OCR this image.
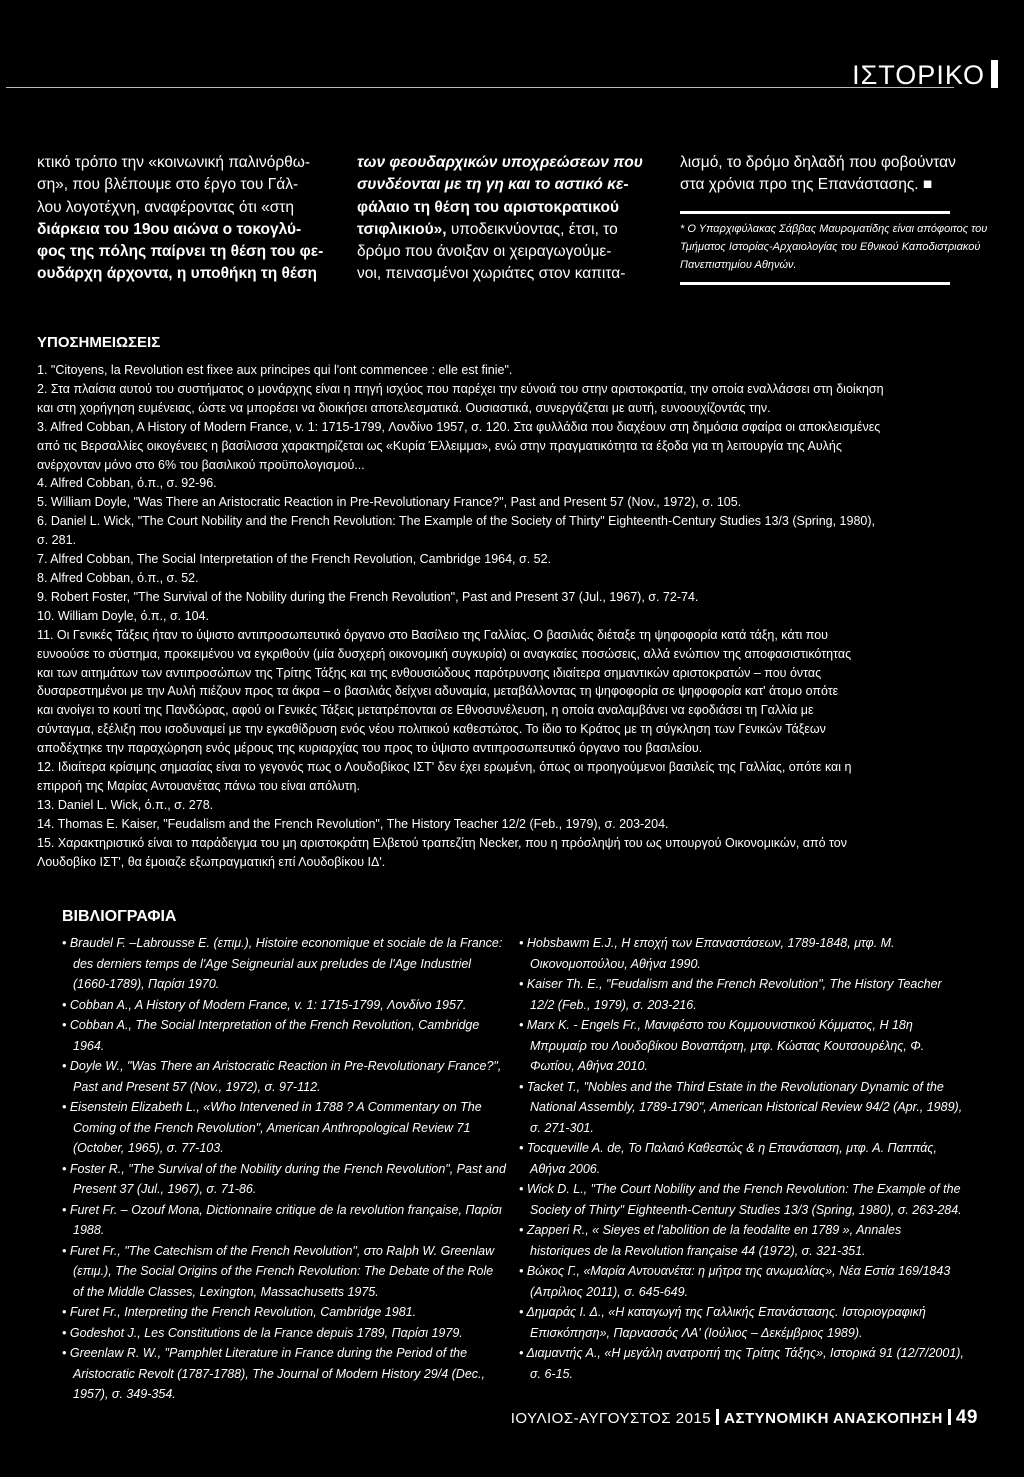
ΙΣΤΟΡΙΚΟ

κτικό τρόπο την «κοινωνική παλινόρθω-

ση», που βλέπουμε στο έργο του Γάλ-

λου λογοτέχνη, αναφέροντας ότι «στη

διάρκεια του 19ου αιώνα ο τοκογλύ-

φος της πόλης παίρνει τη θέση του φε-

ουδάρχη άρχοντα, η υποθήκη τη θέση

των φεουδαρχικών υποχρεώσεων που

συνδέονται με τη γη και το αστικό κε-

φάλαιο τη θέση του αριστοκρατικού

τσιφλικιού», υποδεικνύοντας, έτσι, το

δρόμο που άνοιξαν οι χειραγωγούμε-

νοι, πεινασμένοι χωριάτες στον καπιτα-

λισμό, το δρόμο δηλαδή που φοβούνταν

στα χρόνια προ της Επανάστασης. ■

* Ο Υπαρχιφύλακας Σάββας Μαυροματίδης είναι απόφοιτος του Τμήματος Ιστορίας-Αρχαιολογίας του Εθνικού Καποδιστριακού Πανεπιστημίου Αθηνών.
ΥΠΟΣΗΜΕΙΩΣΕΙΣ
1. "Citoyens, la Revolution est fixee aux principes qui l'ont commencee : elle est finie".
2. Στα πλαίσια αυτού του συστήματος ο μονάρχης είναι η πηγή ισχύος που παρέχει την εύνοιά του στην αριστοκρατία, την οποία εναλλάσσει στη διοίκηση
και στη χορήγηση ευμένειας, ώστε να μπορέσει να διοικήσει αποτελεσματικά. Ουσιαστικά, συνεργάζεται με αυτή, ευνοουχίζοντάς την.
3. Alfred Cobban, A History of Modern France, v. 1: 1715-1799, Λονδίνο 1957, σ. 120. Στα φυλλάδια που διαχέουν στη δημόσια σφαίρα οι αποκλεισμένες
από τις Βερσαλλίες οικογένειες η βασίλισσα χαρακτηρίζεται ως «Κυρία Έλλειμμα», ενώ στην πραγματικότητα τα έξοδα για τη λειτουργία της Αυλής
ανέρχονταν μόνο στο 6% του βασιλικού προϋπολογισμού...
4. Alfred Cobban, ό.π., σ. 92-96.
5. William Doyle, "Was There an Aristocratic Reaction in Pre-Revolutionary France?", Past and Present 57 (Nov., 1972), σ. 105.
6. Daniel L. Wick, "The Court Nobility and the French Revolution: The Example of the Society of Thirty" Eighteenth-Century Studies 13/3 (Spring, 1980),
σ. 281.
7. Alfred Cobban, The Social Interpretation of the French Revolution, Cambridge 1964, σ. 52.
8. Alfred Cobban, ό.π., σ. 52.
9. Robert Foster, "The Survival of the Nobility during the French Revolution", Past and Present 37 (Jul., 1967), σ. 72-74.
10. William Doyle, ό.π., σ. 104.
11. Οι Γενικές Τάξεις ήταν το ύψιστο αντιπροσωπευτικό όργανο στο Βασίλειο της Γαλλίας. Ο βασιλιάς διέταξε τη ψηφοφορία κατά τάξη, κάτι που
ευνοούσε το σύστημα, προκειμένου να εγκριθούν (μία δυσχερή οικονομική συγκυρία) οι αναγκαίες ποσώσεις, αλλά ενώπιον της αποφασιστικότητας
και των αιτημάτων των αντιπροσώπων της Τρίτης Τάξης και της ενθουσιώδους παρότρυνσης ιδιαίτερα σημαντικών αριστοκρατών – που όντας
δυσαρεστημένοι με την Αυλή πιέζουν προς τα άκρα – ο βασιλιάς δείχνει αδυναμία, μεταβάλλοντας τη ψηφοφορία σε ψηφοφορία κατ' άτομο οπότε
και ανοίγει το κουτί της Πανδώρας, αφού οι Γενικές Τάξεις μετατρέπονται σε Εθνοσυνέλευση, η οποία αναλαμβάνει να εφοδιάσει τη Γαλλία με
σύνταγμα, εξέλιξη που ισοδυναμεί με την εγκαθίδρυση ενός νέου πολιτικού καθεστώτος. Το ίδιο το Κράτος με τη σύγκληση των Γενικών Τάξεων
αποδέχτηκε την παραχώρηση ενός μέρους της κυριαρχίας του προς το ύψιστο αντιπροσωπευτικό όργανο του βασιλείου.
12. Ιδιαίτερα κρίσιμης σημασίας είναι το γεγονός πως ο Λουδοβίκος ΙΣΤ' δεν έχει ερωμένη, όπως οι προηγούμενοι βασιλείς της Γαλλίας, οπότε και η
επιρροή της Μαρίας Αντουανέτας πάνω του είναι απόλυτη.
13. Daniel L. Wick, ό.π., σ. 278.
14. Thomas E. Kaiser, "Feudalism and the French Revolution", The History Teacher 12/2 (Feb., 1979), σ. 203-204.
15. Χαρακτηριστικό είναι το παράδειγμα του μη αριστοκράτη Ελβετού τραπεζίτη Necker, που η πρόσληψή του ως υπουργού Οικονομικών, από τον
Λουδοβίκο ΙΣΤ', θα έμοιαζε εξωπραγματική επί Λουδοβίκου ΙΔ'.
ΒΙΒΛΙΟΓΡΑΦΙΑ
• Braudel F. –Labrousse E. (επιμ.), Histoire economique et sociale de la France: des derniers temps de l'Age Seigneurial aux preludes de l'Age Industriel (1660-1789), Παρίσι 1970.
• Cobban A., A History of Modern France, v. 1: 1715-1799, Λονδίνο 1957.
• Cobban A., The Social Interpretation of the French Revolution, Cambridge 1964.
• Doyle W., "Was There an Aristocratic Reaction in Pre-Revolutionary France?", Past and Present 57 (Nov., 1972), σ. 97-112.
• Eisenstein Elizabeth L., «Who Intervened in 1788 ? A Commentary on The Coming of the French Revolution", American Anthropological Review 71 (October, 1965), σ. 77-103.
• Foster R., "The Survival of the Nobility during the French Revolution", Past and Present 37 (Jul., 1967), σ. 71-86.
• Furet Fr. – Ozouf Mona, Dictionnaire critique de la revolution française, Παρίσι 1988.
• Furet Fr., "The Catechism of the French Revolution", στο Ralph W. Greenlaw (επιμ.), The Social Origins of the French Revolution: The Debate of the Role of the Middle Classes, Lexington, Massachusetts 1975.
• Furet Fr., Interpreting the French Revolution, Cambridge 1981.
• Godeshot J., Les Constitutions de la France depuis 1789, Παρίσι 1979.
• Greenlaw R. W., "Pamphlet Literature in France during the Period of the Aristocratic Revolt (1787-1788), The Journal of Modern History 29/4 (Dec., 1957), σ. 349-354.
• Hobsbawm E.J., Η εποχή των Επαναστάσεων, 1789-1848, μτφ. Μ. Οικονομοπούλου, Αθήνα 1990.
• Kaiser Th. E., "Feudalism and the French Revolution", The History Teacher 12/2 (Feb., 1979), σ. 203-216.
• Marx K. - Engels Fr., Μανιφέστο του Κομμουνιστικού Κόμματος, Η 18η Μπρυμαίρ του Λουδοβίκου Βοναπάρτη, μτφ. Κώστας Κουτσουρέλης, Φ. Φωτίου, Αθήνα 2010.
• Tacket T., "Nobles and the Third Estate in the Revolutionary Dynamic of the National Assembly, 1789-1790", American Historical Review 94/2 (Apr., 1989), σ. 271-301.
• Tocqueville A. de, Το Παλαιό Καθεστώς & η Επανάσταση, μτφ. Α. Παππάς, Αθήνα 2006.
• Wick D. L., "The Court Nobility and the French Revolution: The Example of the Society of Thirty" Eighteenth-Century Studies 13/3 (Spring, 1980), σ. 263-284.
• Zapperi R., « Sieyes et l'abolition de la feodalite en 1789 », Annales historiques de la Revolution française 44 (1972), σ. 321-351.
• Βώκος Γ., «Μαρία Αντουανέτα: η μήτρα της ανωμαλίας», Νέα Εστία 169/1843 (Απρίλιος 2011), σ. 645-649.
• Δημαράς Ι. Δ., «Η καταγωγή της Γαλλικής Επανάστασης. Ιστοριογραφική Επισκόπηση», Παρνασσός ΛΑ' (Ιούλιος – Δεκέμβριος 1989).
• Διαμαντής Α., «Η μεγάλη ανατροπή της Τρίτης Τάξης», Ιστορικά 91 (12/7/2001), σ. 6-15.
ΙΟΥΛΙΟΣ-ΑΥΓΟΥΣΤΟΣ 2015 ΑΣΤΥΝΟΜΙΚΗ ΑΝΑΣΚΟΠΗΣΗ 49
